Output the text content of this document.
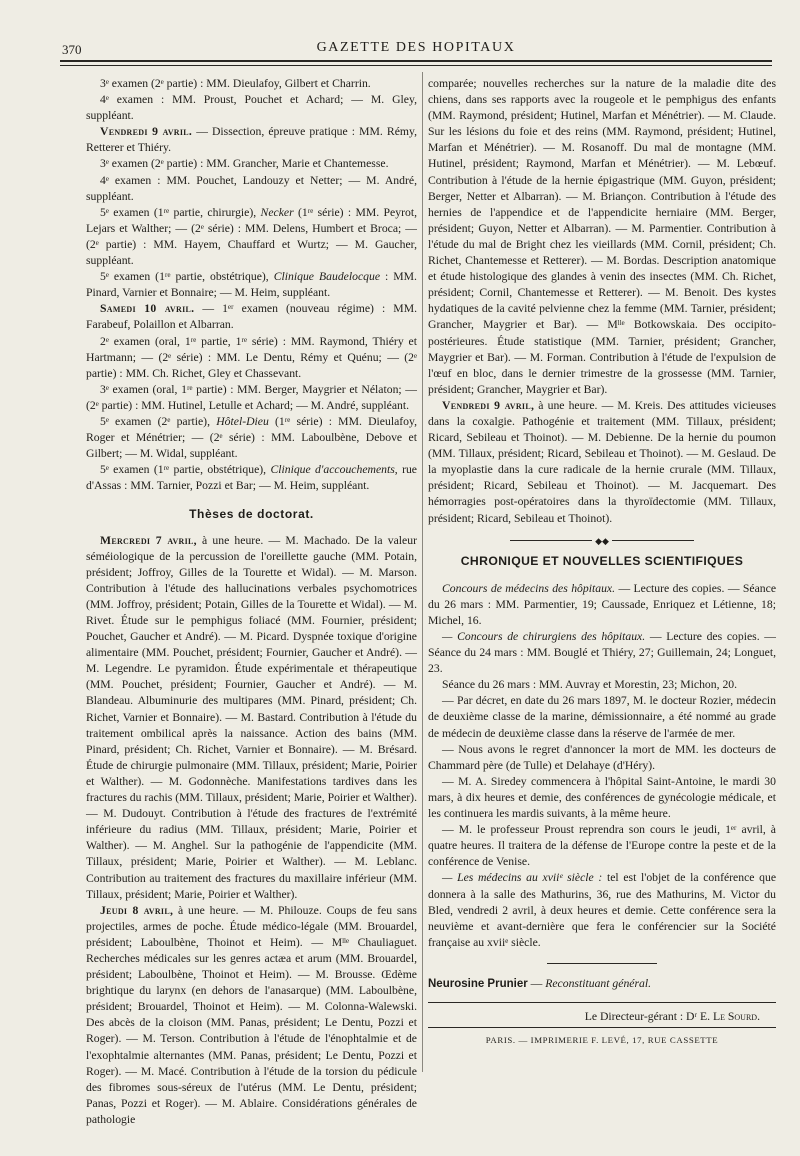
370	GAZETTE DES HOPITAUX

3ᵉ examen (2ᵉ partie) : MM. Dieulafoy, Gilbert et Charrin.

4ᵉ examen : MM. Proust, Pouchet et Achard; — M. Gley, suppléant.

Vendredi 9 avril. — Dissection, épreuve pratique : MM. Rémy, Retterer et Thiéry.

3ᵉ examen (2ᵉ partie) : MM. Grancher, Marie et Chantemesse.

4ᵉ examen : MM. Pouchet, Landouzy et Netter; — M. André, suppléant.

5ᵉ examen (1ʳᵉ partie, chirurgie), Necker (1ʳᵉ série) : MM. Peyrot, Lejars et Walther; — (2ᵉ série) : MM. Delens, Humbert et Broca; — (2ᵉ partie) : MM. Hayem, Chauffard et Wurtz; — M. Gaucher, suppléant.

5ᵉ examen (1ʳᵉ partie, obstétrique), Clinique Baudelocque : MM. Pinard, Varnier et Bonnaire; — M. Heim, suppléant.

Samedi 10 avril. — 1ᵉʳ examen (nouveau régime) : MM. Farabeuf, Polaillon et Albarran.

2ᵉ examen (oral, 1ʳᵉ partie, 1ʳᵉ série) : MM. Raymond, Thiéry et Hartmann; — (2ᵉ série) : MM. Le Dentu, Rémy et Quénu; — (2ᵉ partie) : MM. Ch. Richet, Gley et Chassevant.

3ᵉ examen (oral, 1ʳᵉ partie) : MM. Berger, Maygrier et Nélaton; — (2ᵉ partie) : MM. Hutinel, Letulle et Achard; — M. André, suppléant.

5ᵉ examen (2ᵉ partie), Hôtel-Dieu (1ʳᵉ série) : MM. Dieulafoy, Roger et Ménétrier; — (2ᵉ série) : MM. Laboulbène, Debove et Gilbert; — M. Widal, suppléant.

5ᵉ examen (1ʳᵉ partie, obstétrique), Clinique d'accouchements, rue d'Assas : MM. Tarnier, Pozzi et Bar; — M. Heim, suppléant.

Thèses de doctorat.

Mercredi 7 avril, à une heure. — M. Machado. De la valeur séméiologique de la percussion de l'oreillette gauche (MM. Potain, président; Joffroy, Gilles de la Tourette et Widal). — M. Marson. Contribution à l'étude des hallucinations verbales psychomotrices (MM. Joffroy, président; Potain, Gilles de la Tourette et Widal). — M. Rivet. Étude sur le pemphigus foliacé (MM. Fournier, président; Pouchet, Gaucher et André). — M. Picard. Dyspnée toxique d'origine alimentaire (MM. Pouchet, président; Fournier, Gaucher et André). — M. Legendre. Le pyramidon. Étude expérimentale et thérapeutique (MM. Pouchet, président; Fournier, Gaucher et André). — M. Blandeau. Albuminurie des multipares (MM. Pinard, président; Ch. Richet, Varnier et Bonnaire). — M. Bastard. Contribution à l'étude du traitement ombilical après la naissance. Action des bains (MM. Pinard, président; Ch. Richet, Varnier et Bonnaire). — M. Brésard. Étude de chirurgie pulmonaire (MM. Tillaux, président; Marie, Poirier et Walther). — M. Godonnèche. Manifestations tardives dans les fractures du rachis (MM. Tillaux, président; Marie, Poirier et Walther). — M. Dudouyt. Contribution à l'étude des fractures de l'extrémité inférieure du radius (MM. Tillaux, président; Marie, Poirier et Walther). — M. Anghel. Sur la pathogénie de l'appendicite (MM. Tillaux, président; Marie, Poirier et Walther). — M. Leblanc. Contribution au traitement des fractures du maxillaire inférieur (MM. Tillaux, président; Marie, Poirier et Walther).

Jeudi 8 avril, à une heure. — M. Philouze. Coups de feu sans projectiles, armes de poche. Étude médico-légale (MM. Brouardel, président; Laboulbène, Thoinot et Heim). — Mˡˡᵉ Chauliaguet. Recherches médicales sur les genres actæa et arum (MM. Brouardel, président; Laboulbène, Thoinot et Heim). — M. Brousse. Œdème brightique du larynx (en dehors de l'anasarque) (MM. Laboulbène, président; Brouardel, Thoinot et Heim). — M. Colonna-Walewski. Des abcès de la cloison (MM. Panas, président; Le Dentu, Pozzi et Roger). — M. Terson. Contribution à l'étude de l'énophtalmie et de l'exophtalmie alternantes (MM. Panas, président; Le Dentu, Pozzi et Roger). — M. Macé. Contribution à l'étude de la torsion du pédicule des fibromes sous-séreux de l'utérus (MM. Le Dentu, président; Panas, Pozzi et Roger). — M. Ablaire. Considérations générales de pathologie

comparée; nouvelles recherches sur la nature de la maladie dite des chiens, dans ses rapports avec la rougeole et le pemphigus des enfants (MM. Raymond, président; Hutinel, Marfan et Ménétrier). — M. Claude. Sur les lésions du foie et des reins (MM. Raymond, président; Hutinel, Marfan et Ménétrier). — M. Rosanoff. Du mal de montagne (MM. Hutinel, président; Raymond, Marfan et Ménétrier). — M. Lebœuf. Contribution à l'étude de la hernie épigastrique (MM. Guyon, président; Berger, Netter et Albarran). — M. Briançon. Contribution à l'étude des hernies de l'appendice et de l'appendicite herniaire (MM. Berger, président; Guyon, Netter et Albarran). — M. Parmentier. Contribution à l'étude du mal de Bright chez les vieillards (MM. Cornil, président; Ch. Richet, Chantemesse et Retterer). — M. Bordas. Description anatomique et étude histologique des glandes à venin des insectes (MM. Ch. Richet, président; Cornil, Chantemesse et Retterer). — M. Benoit. Des kystes hydatiques de la cavité pelvienne chez la femme (MM. Tarnier, président; Grancher, Maygrier et Bar). — Mˡˡᵉ Botkowskaia. Des occipito-postérieures. Étude statistique (MM. Tarnier, président; Grancher, Maygrier et Bar). — M. Forman. Contribution à l'étude de l'expulsion de l'œuf en bloc, dans le dernier trimestre de la grossesse (MM. Tarnier, président; Grancher, Maygrier et Bar).

Vendredi 9 avril, à une heure. — M. Kreis. Des attitudes vicieuses dans la coxalgie. Pathogénie et traitement (MM. Tillaux, président; Ricard, Sebileau et Thoinot). — M. Debienne. De la hernie du poumon (MM. Tillaux, président; Ricard, Sebileau et Thoinot). — M. Geslaud. De la myoplastie dans la cure radicale de la hernie crurale (MM. Tillaux, président; Ricard, Sebileau et Thoinot). — M. Jacquemart. Des hémorragies post-opératoires dans la thyroïdectomie (MM. Tillaux, président; Ricard, Sebileau et Thoinot).

◆◆

CHRONIQUE ET NOUVELLES SCIENTIFIQUES

Concours de médecins des hôpitaux. — Lecture des copies. — Séance du 26 mars : MM. Parmentier, 19; Caussade, Enriquez et Létienne, 18; Michel, 16.

— Concours de chirurgiens des hôpitaux. — Lecture des copies. — Séance du 24 mars : MM. Bouglé et Thiéry, 27; Guillemain, 24; Longuet, 23.

Séance du 26 mars : MM. Auvray et Morestin, 23; Michon, 20.

— Par décret, en date du 26 mars 1897, M. le docteur Rozier, médecin de deuxième classe de la marine, démissionnaire, a été nommé au grade de médecin de deuxième classe dans la réserve de l'armée de mer.

— Nous avons le regret d'annoncer la mort de MM. les docteurs de Chammard père (de Tulle) et Delahaye (d'Héry).

— M. A. Siredey commencera à l'hôpital Saint-Antoine, le mardi 30 mars, à dix heures et demie, des conférences de gynécologie médicale, et les continuera les mardis suivants, à la même heure.

— M. le professeur Proust reprendra son cours le jeudi, 1ᵉʳ avril, à quatre heures. Il traitera de la défense de l'Europe contre la peste et de la conférence de Venise.

— Les médecins au xviiᵉ siècle : tel est l'objet de la conférence que donnera à la salle des Mathurins, 36, rue des Mathurins, M. Victor du Bled, vendredi 2 avril, à deux heures et demie. Cette conférence sera la neuvième et avant-dernière que fera le conférencier sur la Société française au xviiᵉ siècle.

Neurosine Prunier — Reconstituant général.

Le Directeur-gérant : Dʳ E. Le Sourd.

PARIS. — IMPRIMERIE F. LEVÉ, 17, RUE CASSETTE
